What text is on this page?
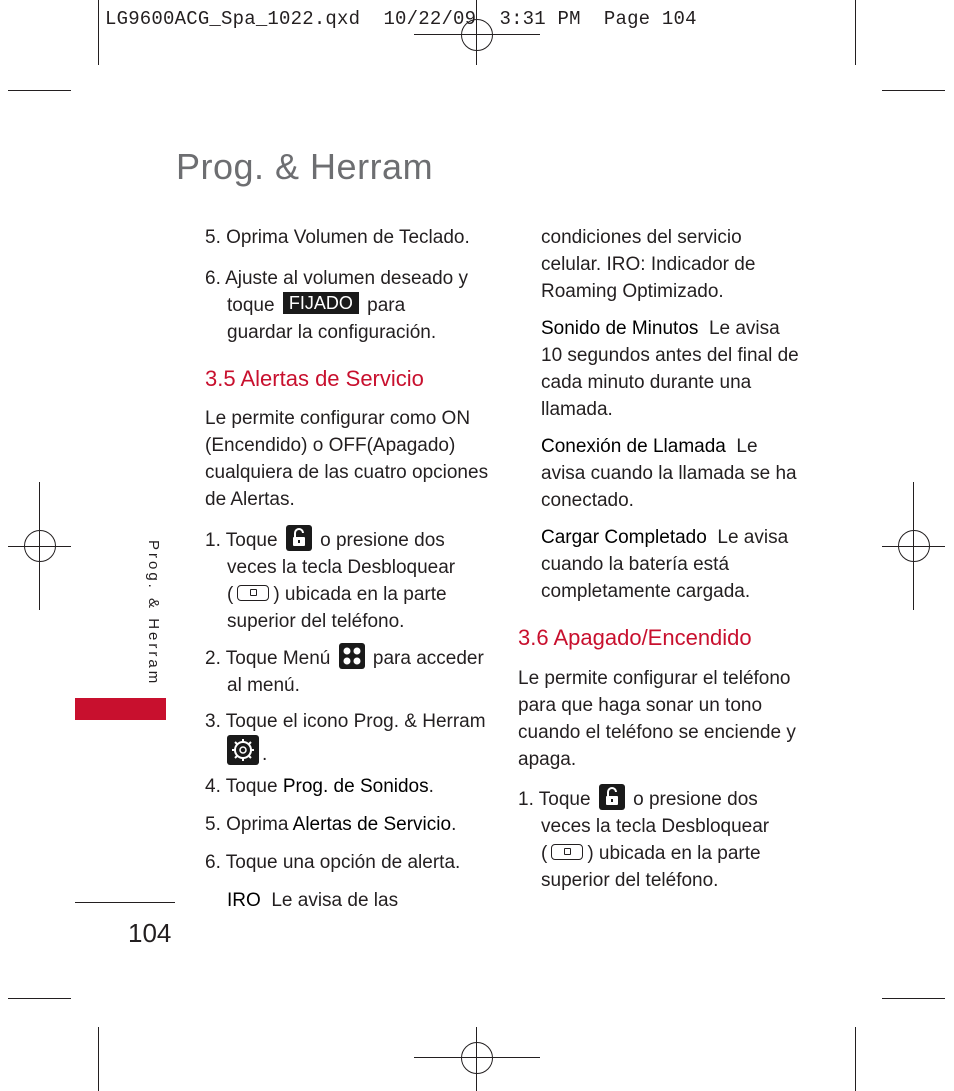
LG9600ACG_Spa_1022.qxd  10/22/09  3:31 PM  Page 104
Prog. & Herram
Prog. & Herram
104
5. Oprima Volumen de Teclado.
6. Ajuste al volumen deseado y
toque FIJADO para
guardar la configuración.
3.5 Alertas de Servicio
Le permite configurar como ON
(Encendido) o OFF(Apagado)
cualquiera de las cuatro opciones
de Alertas.
1. Toque o presione dos
veces la tecla Desbloquear
( ) ubicada en la parte
superior del teléfono.
2. Toque Menú para acceder
al menú.
3. Toque el icono Prog. & Herram
.
4. Toque Prog. de Sonidos.
5. Oprima Alertas de Servicio.
6. Toque una opción de alerta.
IRO Le avisa de las
condiciones del servicio
celular. IRO: Indicador de
Roaming Optimizado.
Sonido de Minutos Le avisa
10 segundos antes del final de
cada minuto durante una
llamada.
Conexión de Llamada Le
avisa cuando la llamada se ha
conectado.
Cargar Completado Le avisa
cuando la batería está
completamente cargada.
3.6 Apagado/Encendido
Le permite configurar el teléfono
para que haga sonar un tono
cuando el teléfono se enciende y
apaga.
1. Toque o presione dos
veces la tecla Desbloquear
( ) ubicada en la parte
superior del teléfono.
